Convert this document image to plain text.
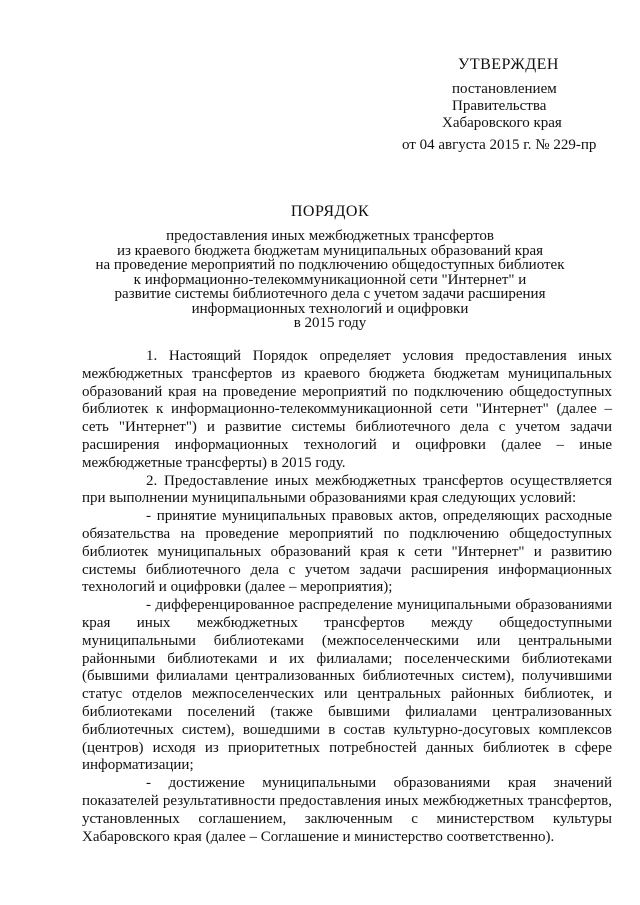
УТВЕРЖДЕН
постановлением
Правительства
Хабаровского края
от 04 августа 2015 г. № 229-пр
ПОРЯДОК
предоставления иных межбюджетных трансфертов
из краевого бюджета бюджетам муниципальных образований края
на проведение мероприятий по подключению общедоступных библиотек
к информационно-телекоммуникационной сети "Интернет" и
развитие системы библиотечного дела с учетом задачи расширения
информационных технологий и оцифровки
в 2015 году

1. Настоящий Порядок определяет условия предоставления иных межбюджетных трансфертов из краевого бюджета бюджетам муниципальных образований края на проведение мероприятий по подключению общедоступных библиотек к информационно-телекоммуникационной сети "Интернет" (далее – сеть "Интернет") и развитие системы библиотечного дела с учетом задачи расширения информационных технологий и оцифровки (далее – иные межбюджетные трансферты) в 2015 году.

2. Предоставление иных межбюджетных трансфертов осуществляется при выполнении муниципальными образованиями края следующих условий:

- принятие муниципальных правовых актов, определяющих расходные обязательства на проведение мероприятий по подключению общедоступных библиотек муниципальных образований края к сети "Интернет" и развитию системы библиотечного дела с учетом задачи расширения информационных технологий и оцифровки (далее – мероприятия);

- дифференцированное распределение муниципальными образованиями края иных межбюджетных трансфертов между общедоступными муниципальными библиотеками (межпоселенческими или центральными районными библиотеками и их филиалами; поселенческими библиотеками (бывшими филиалами централизованных библиотечных систем), получившими статус отделов межпоселенческих или центральных районных библиотек, и библиотеками поселений (также бывшими филиалами централизованных библиотечных систем), вошедшими в состав культурно-досуговых комплексов (центров) исходя из приоритетных потребностей данных библиотек в сфере информатизации;

- достижение муниципальными образованиями края значений показателей результативности предоставления иных межбюджетных трансфертов, установленных соглашением, заключенным с министерством культуры Хабаровского края (далее – Соглашение и министерство соответственно).
